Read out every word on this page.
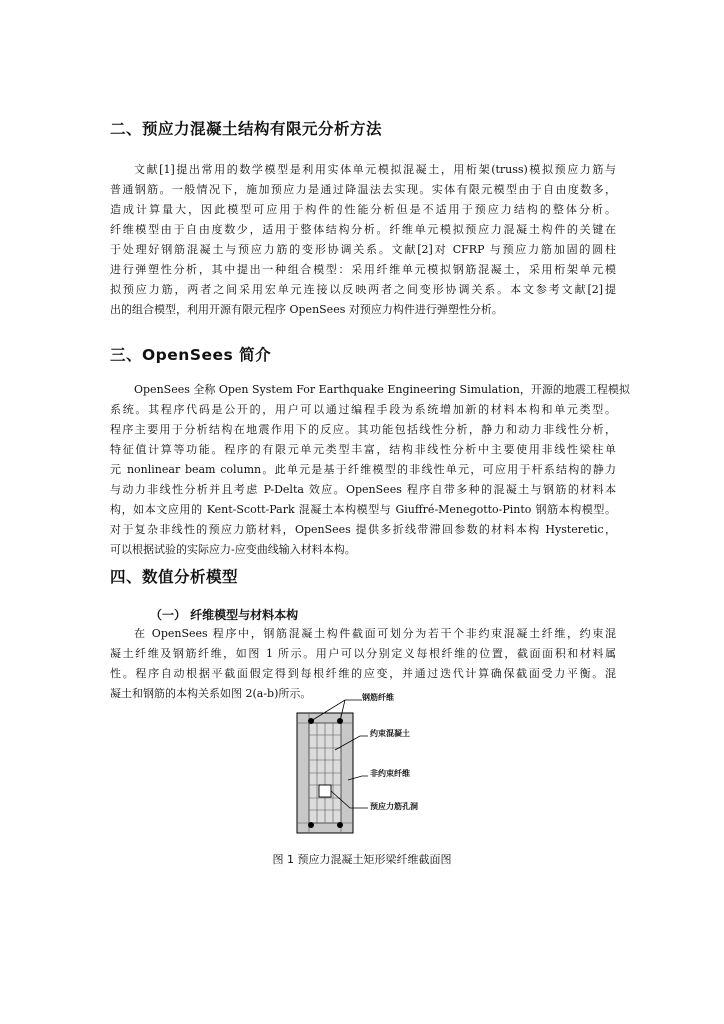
二、预应力混凝土结构有限元分析方法
文献[1]提出常用的数学模型是利用实体单元模拟混凝土，用桁架(truss)模拟预应力筋与
普通钢筋。一般情况下，施加预应力是通过降温法去实现。实体有限元模型由于自由度数多，
造成计算量大，因此模型可应用于构件的性能分析但是不适用于预应力结构的整体分析。
纤维模型由于自由度数少，适用于整体结构分析。纤维单元模拟预应力混凝土构件的关键在
于处理好钢筋混凝土与预应力筋的变形协调关系。文献[2]对 CFRP 与预应力筋加固的圆柱
进行弹塑性分析，其中提出一种组合模型：采用纤维单元模拟钢筋混凝土，采用桁架单元模
拟预应力筋，两者之间采用宏单元连接以反映两者之间变形协调关系。本文参考文献[2]提
出的组合模型，利用开源有限元程序 OpenSees 对预应力构件进行弹塑性分析。
三、OpenSees 简介
OpenSees 全称 Open System For Earthquake Engineering Simulation，开源的地震工程模拟
系统。其程序代码是公开的，用户可以通过编程手段为系统增加新的材料本构和单元类型。
程序主要用于分析结构在地震作用下的反应。其功能包括线性分析，静力和动力非线性分析，
特征值计算等功能。程序的有限元单元类型丰富，结构非线性分析中主要使用非线性梁柱单
元 nonlinear beam column。此单元是基于纤维模型的非线性单元，可应用于杆系结构的静力
与动力非线性分析并且考虑 P-Delta 效应。OpenSees 程序自带多种的混凝土与钢筋的材料本
构，如本文应用的 Kent-Scott-Park 混凝土本构模型与 Giuffré-Menegotto-Pinto 钢筋本构模型。
对于复杂非线性的预应力筋材料，OpenSees 提供多折线带滞回参数的材料本构 Hysteretic，
可以根据试验的实际应力-应变曲线输入材料本构。
四、数值分析模型
（一） 纤维模型与材料本构
在 OpenSees 程序中，钢筋混凝土构件截面可划分为若干个非约束混凝土纤维，约束混
凝土纤维及钢筋纤维，如图 1 所示。用户可以分别定义每根纤维的位置，截面面积和材料属
性。程序自动根据平截面假定得到每根纤维的应变，并通过迭代计算确保截面受力平衡。混
凝土和钢筋的本构关系如图 2(a-b)所示。	钢筋纤维
约束混凝土
非约束纤维
预应力筋孔洞
图 1 预应力混凝土矩形梁纤维截面图
